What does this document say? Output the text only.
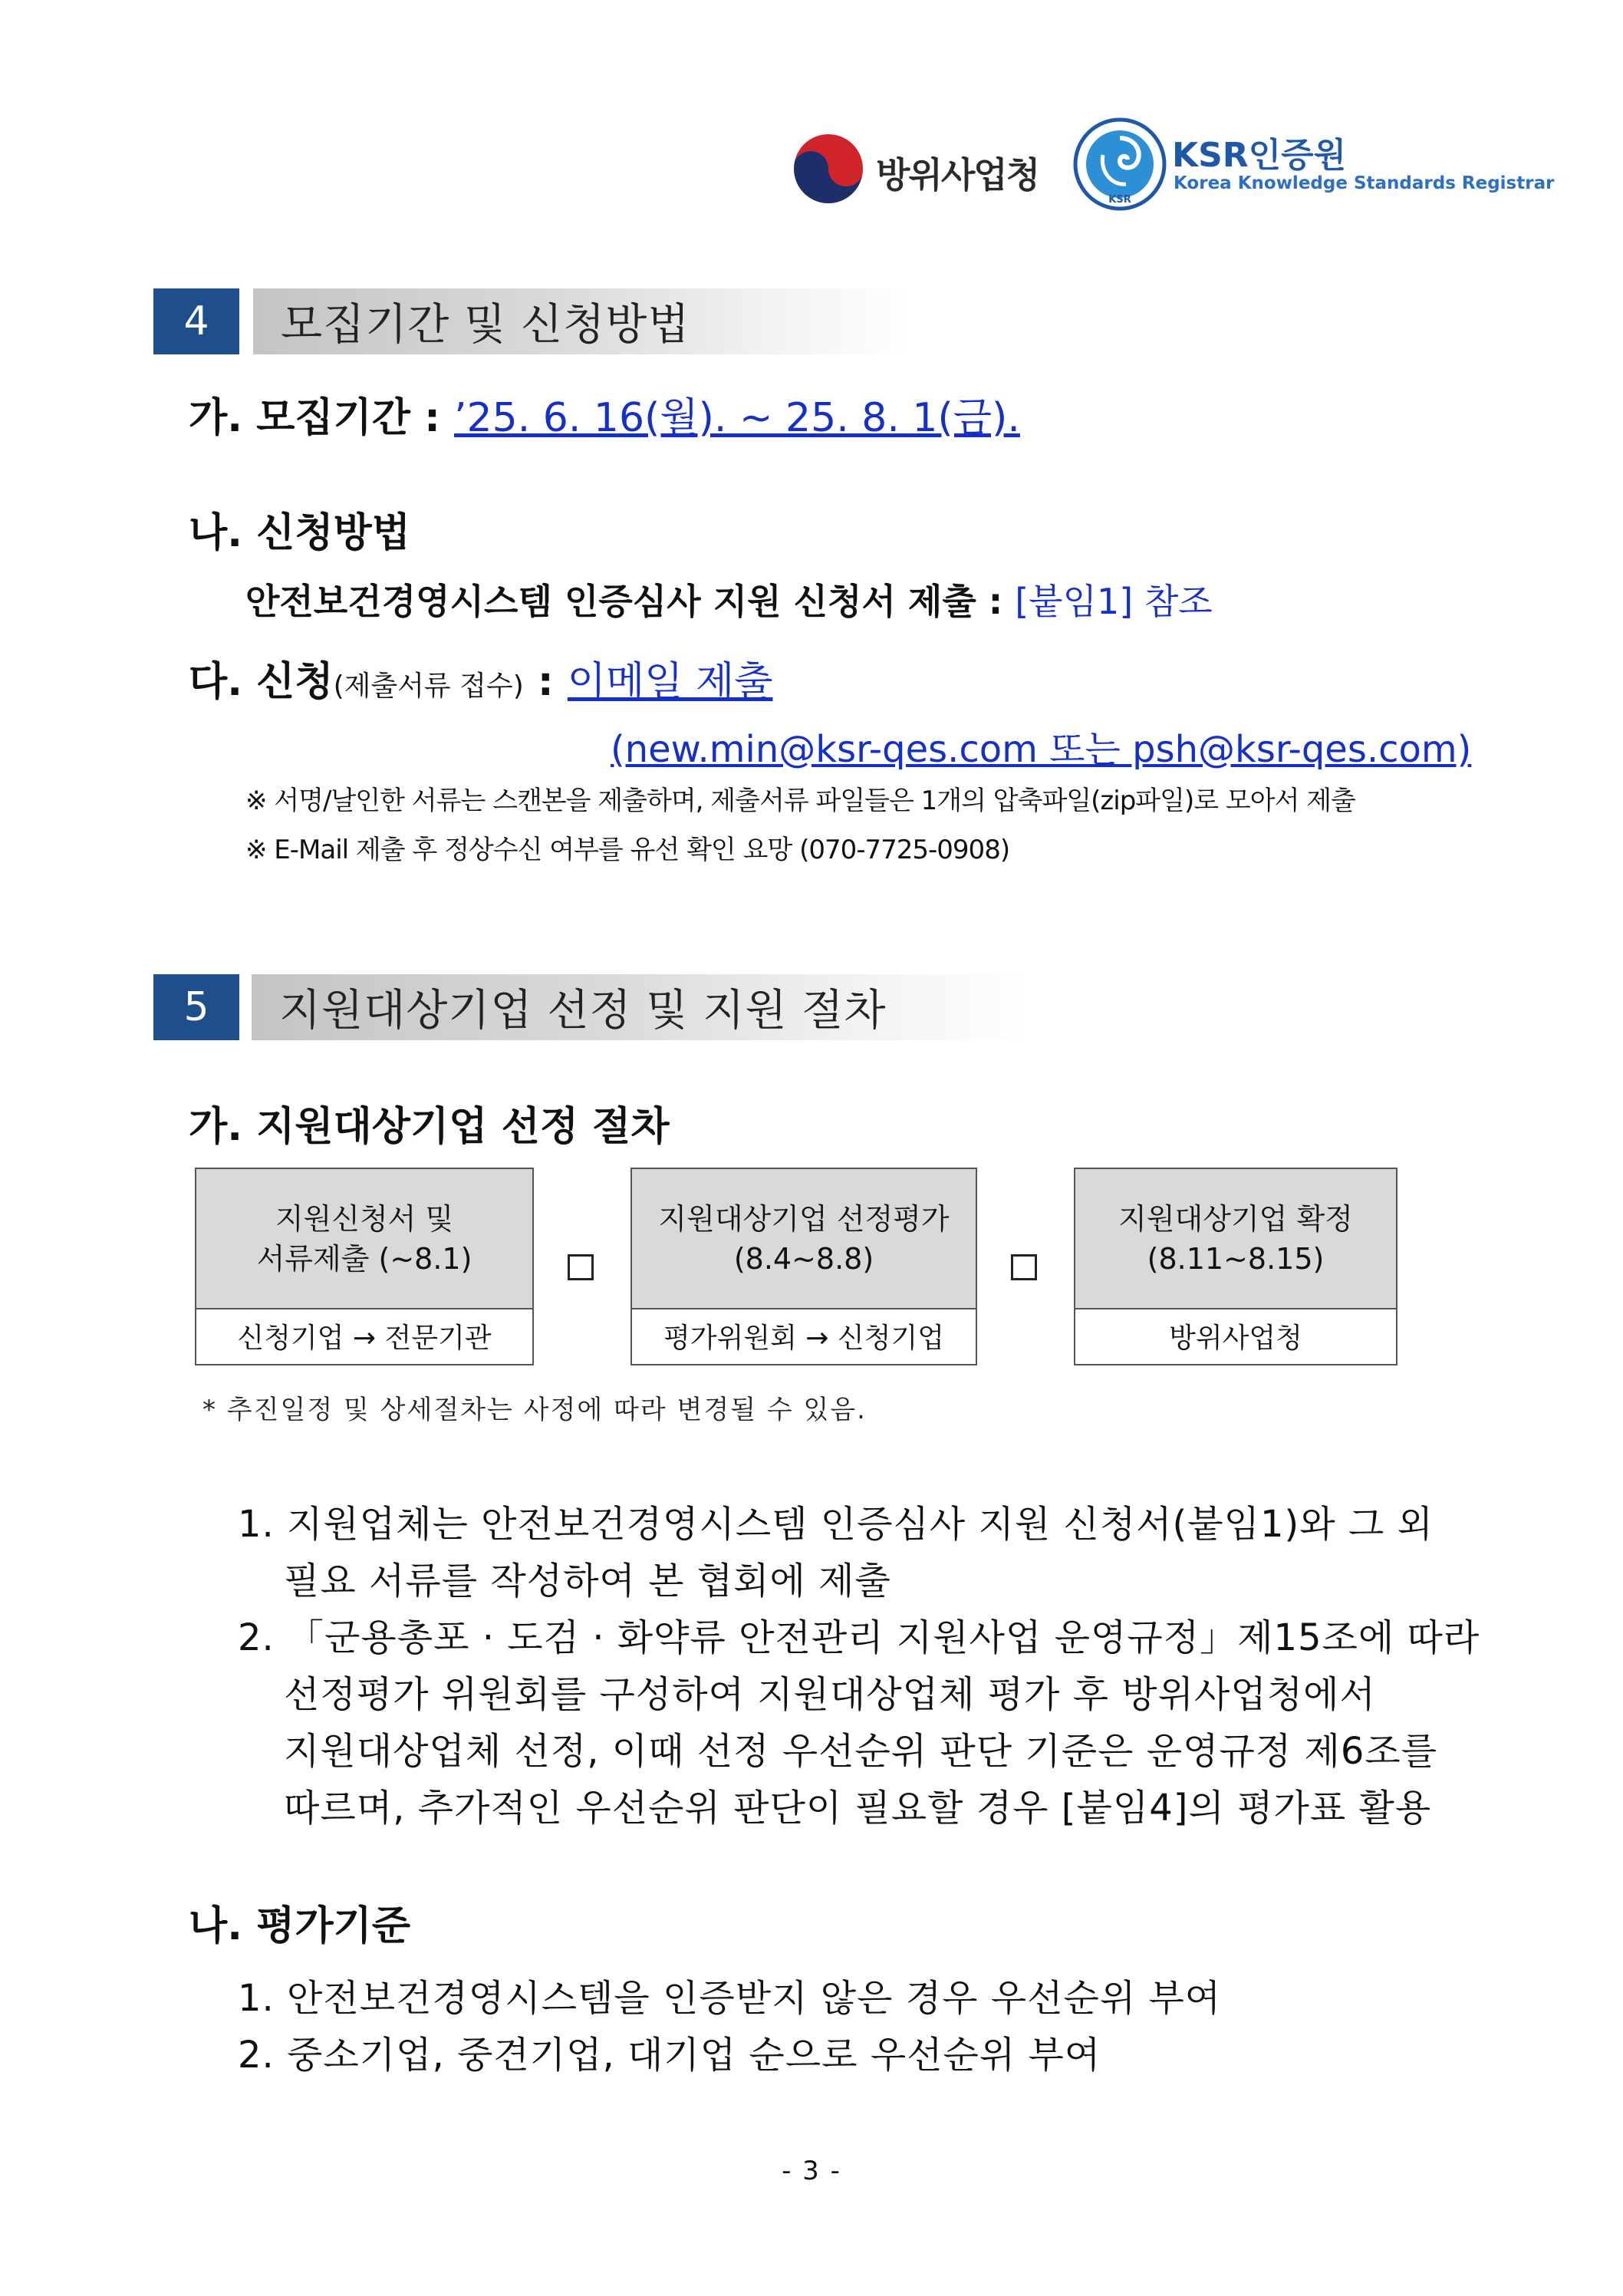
방위사업청
KSR
KSR인증원
Korea Knowledge Standards Registrar
4	모집기간 및 신청방법
가. 모집기간 : ’25. 6. 16(월). ~ 25. 8. 1(금).
나. 신청방법
안전보건경영시스템 인증심사 지원 신청서 제출 : [붙임1] 참조
다. 신청(제출서류 접수) : 이메일 제출
(new.min@ksr-qes.com 또는 psh@ksr-qes.com)
※ 서명/날인한 서류는 스캔본을 제출하며, 제출서류 파일들은 1개의 압축파일(zip파일)로 모아서 제출
※ E-Mail 제출 후 정상수신 여부를 유선 확인 요망 (070-7725-0908)
5	지원대상기업 선정 및 지원 절차
가. 지원대상기업 선정 절차
지원신청서 및
서류제출 (~8.1)
신청기업 → 전문기관
지원대상기업 선정평가
(8.4~8.8)
평가위원회 → 신청기업
지원대상기업 확정
(8.11~8.15)
방위사업청
* 추진일정 및 상세절차는 사정에 따라 변경될 수 있음.
1. 지원업체는 안전보건경영시스템 인증심사 지원 신청서(붙임1)와 그 외
필요 서류를 작성하여 본 협회에 제출
2. 「군용총포 · 도검 · 화약류 안전관리 지원사업 운영규정」제15조에 따라
선정평가 위원회를 구성하여 지원대상업체 평가 후 방위사업청에서
지원대상업체 선정, 이때 선정 우선순위 판단 기준은 운영규정 제6조를
따르며, 추가적인 우선순위 판단이 필요할 경우 [붙임4]의 평가표 활용
나. 평가기준
1. 안전보건경영시스템을 인증받지 않은 경우 우선순위 부여
2. 중소기업, 중견기업, 대기업 순으로 우선순위 부여
- 3 -
